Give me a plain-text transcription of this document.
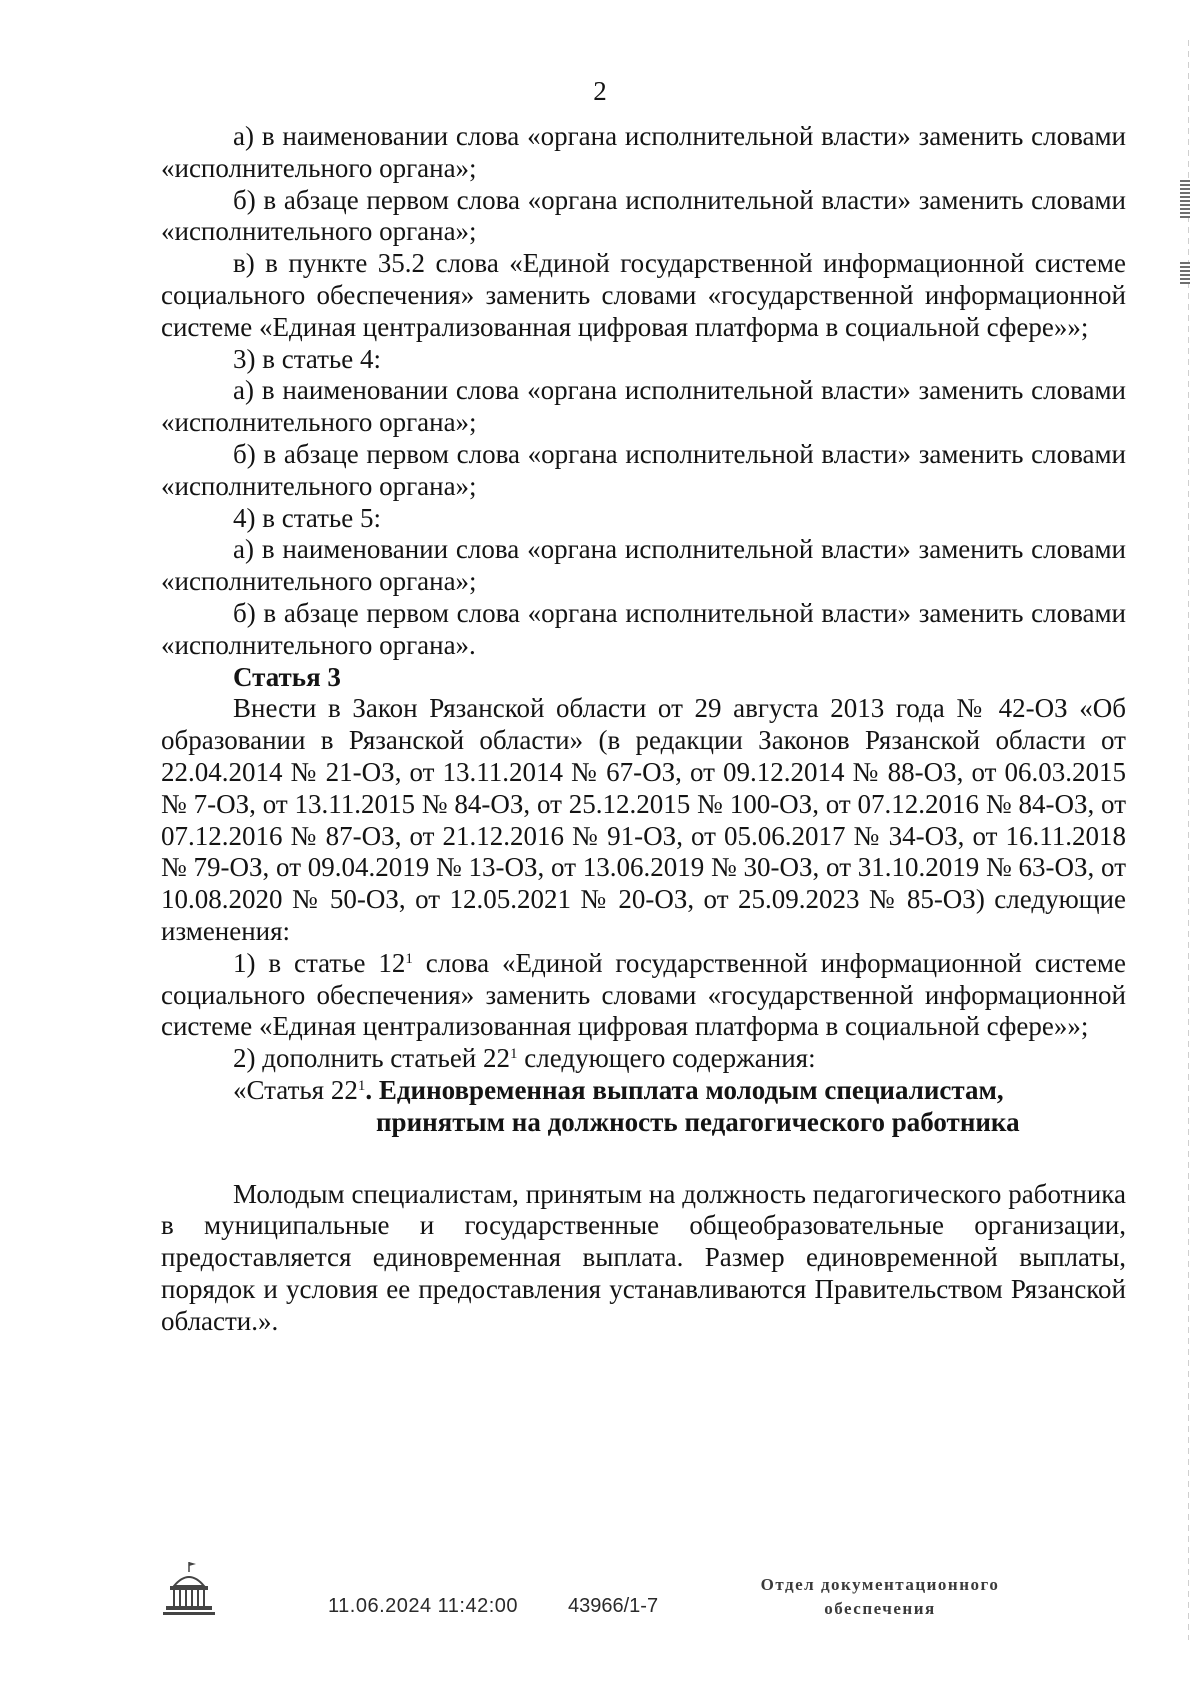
2

а) в наименовании слова «органа исполнительной власти» заменить словами «исполнительного органа»;

б) в абзаце первом слова «органа исполнительной власти» заменить словами «исполнительного органа»;

в) в пункте 35.2 слова «Единой государственной информационной системе социального обеспечения» заменить словами «государственной информационной системе «Единая централизованная цифровая платформа в социальной сфере»»;

3) в статье 4:

а) в наименовании слова «органа исполнительной власти» заменить словами «исполнительного органа»;

б) в абзаце первом слова «органа исполнительной власти» заменить словами «исполнительного органа»;

4) в статье 5:

а) в наименовании слова «органа исполнительной власти» заменить словами «исполнительного органа»;

б) в абзаце первом слова «органа исполнительной власти» заменить словами «исполнительного органа».

Статья 3

Внести в Закон Рязанской области от 29 августа 2013 года № 42-ОЗ «Об образовании в Рязанской области» (в редакции Законов Рязанской области от 22.04.2014 № 21-ОЗ, от 13.11.2014 № 67-ОЗ, от 09.12.2014 № 88-ОЗ, от 06.03.2015 № 7-ОЗ, от 13.11.2015 № 84-ОЗ, от 25.12.2015 № 100-ОЗ, от 07.12.2016 № 84-ОЗ, от 07.12.2016 № 87-ОЗ, от 21.12.2016 № 91-ОЗ, от 05.06.2017 № 34-ОЗ, от 16.11.2018 № 79-ОЗ, от 09.04.2019 № 13-ОЗ, от 13.06.2019 № 30-ОЗ, от 31.10.2019 № 63-ОЗ, от 10.08.2020 № 50-ОЗ, от 12.05.2021 № 20-ОЗ, от 25.09.2023 № 85-ОЗ) следующие изменения:

1) в статье $12^1$ слова «Единой государственной информационной системе социального обеспечения» заменить словами «государственной информационной системе «Единая централизованная цифровая платформа в социальной сфере»»;

2) дополнить статьей $22^1$ следующего содержания:

«Статья $22^1$. Единовременная выплата молодым специалистам,
принятым на должность педагогического работника

Молодым специалистам, принятым на должность педагогического работника в муниципальные и государственные общеобразовательные организации, предоставляется единовременная выплата. Размер единовременной выплаты, порядок и условия ее предоставления устанавливаются Правительством Рязанской области.».

11.06.2024 11:42:00 43966/1-7
Отдел документационного
обеспечения
